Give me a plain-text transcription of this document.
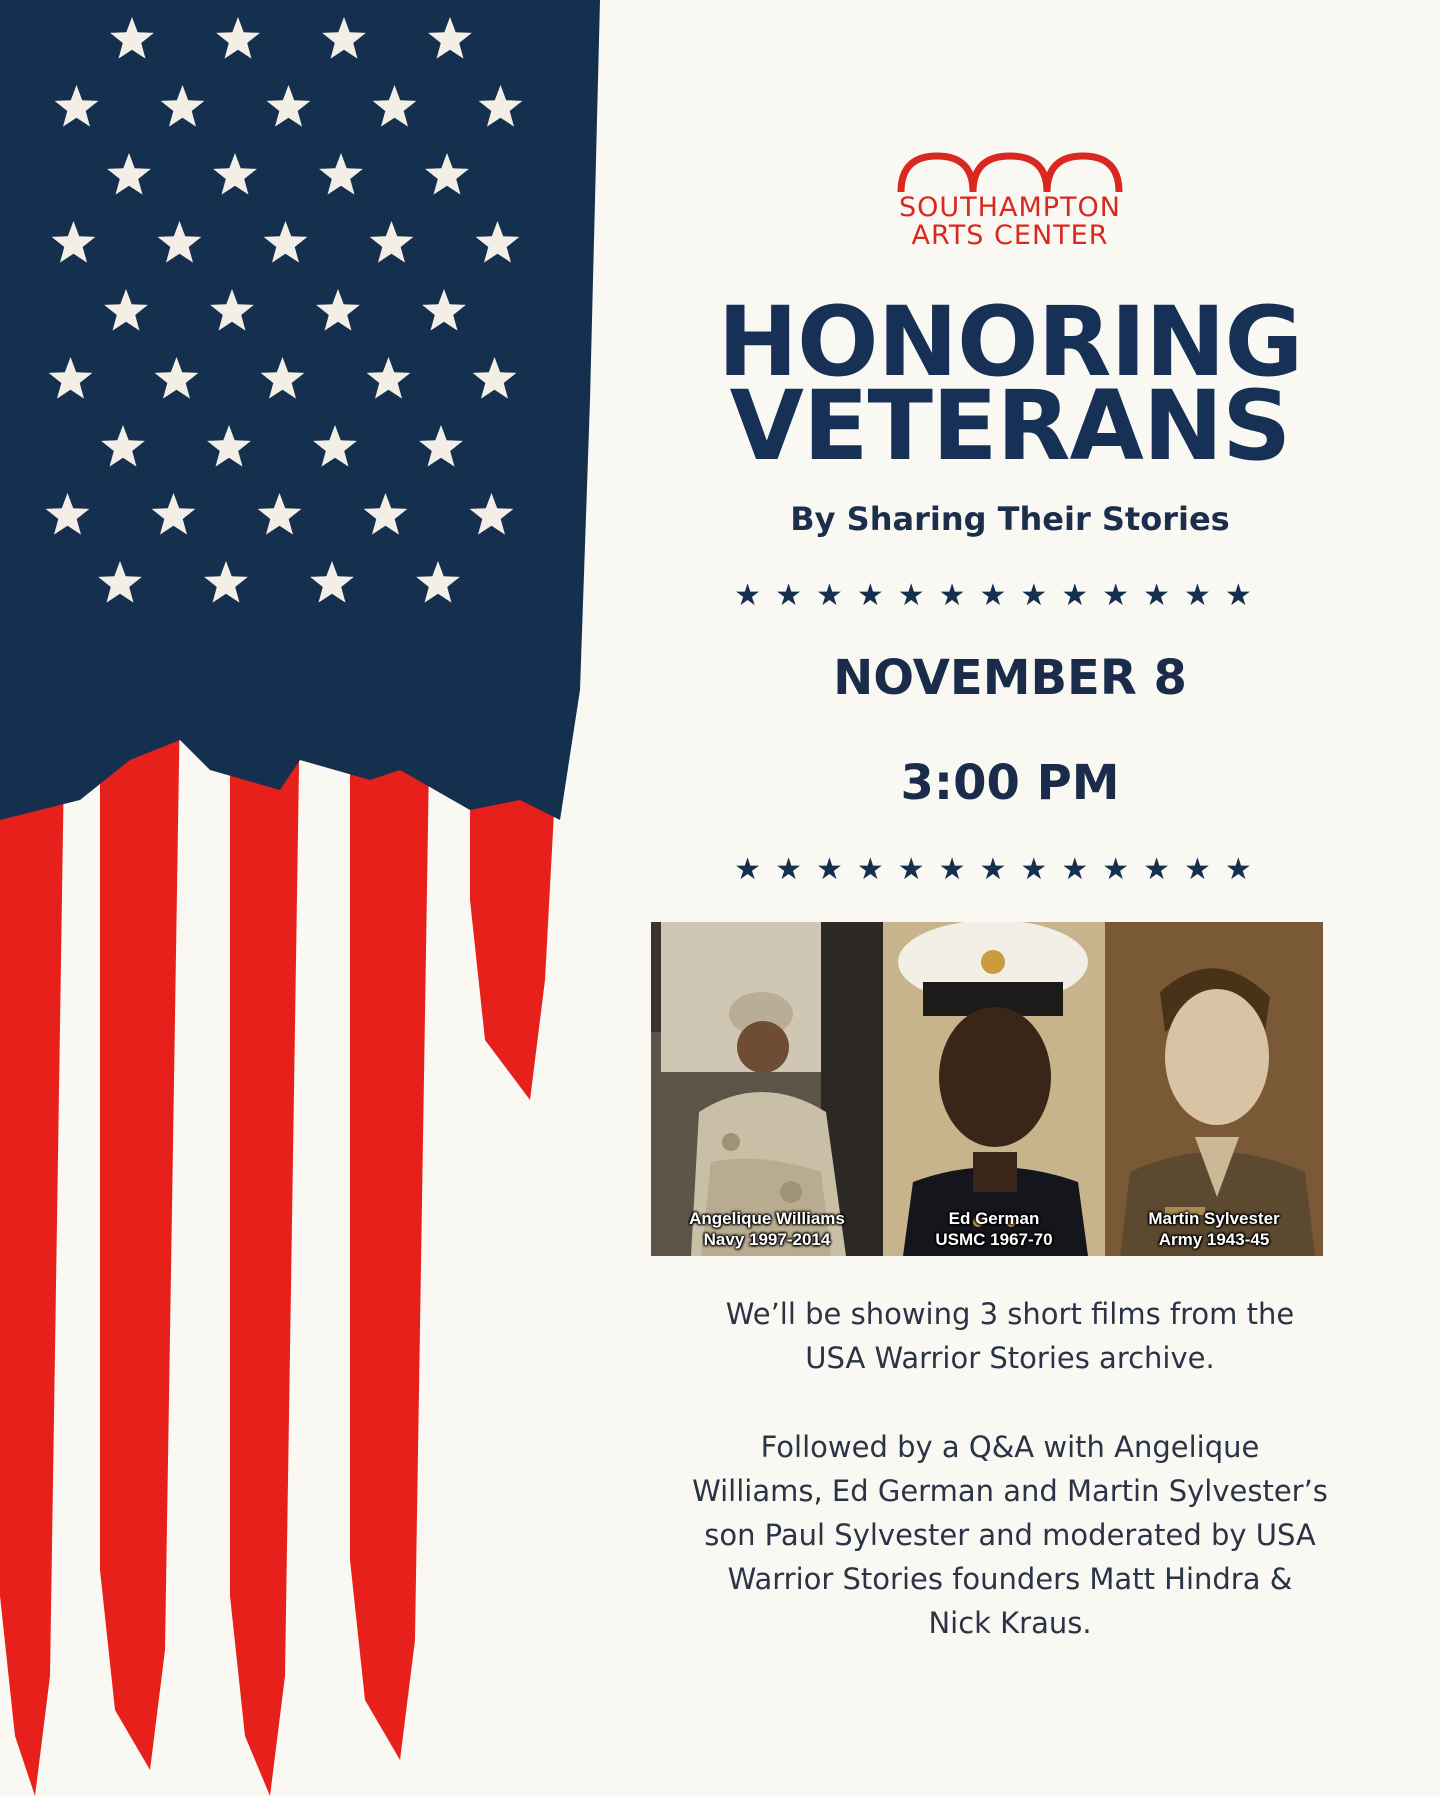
SOUTHAMPTON
ARTS CENTER
HONORING
VETERANS
By Sharing Their Stories
★★★★★★★★★★★★★
NOVEMBER 8
3:00 PM
★★★★★★★★★★★★★
Angelique Williams
Navy 1997-2014
Ed German
USMC 1967-70
Martin Sylvester
Army 1943-45
We’ll be showing 3 short films from the
USA Warrior Stories archive.
Followed by a Q&A with Angelique
Williams, Ed German and Martin Sylvester’s
son Paul Sylvester and moderated by USA
Warrior Stories founders Matt Hindra &
Nick Kraus.
